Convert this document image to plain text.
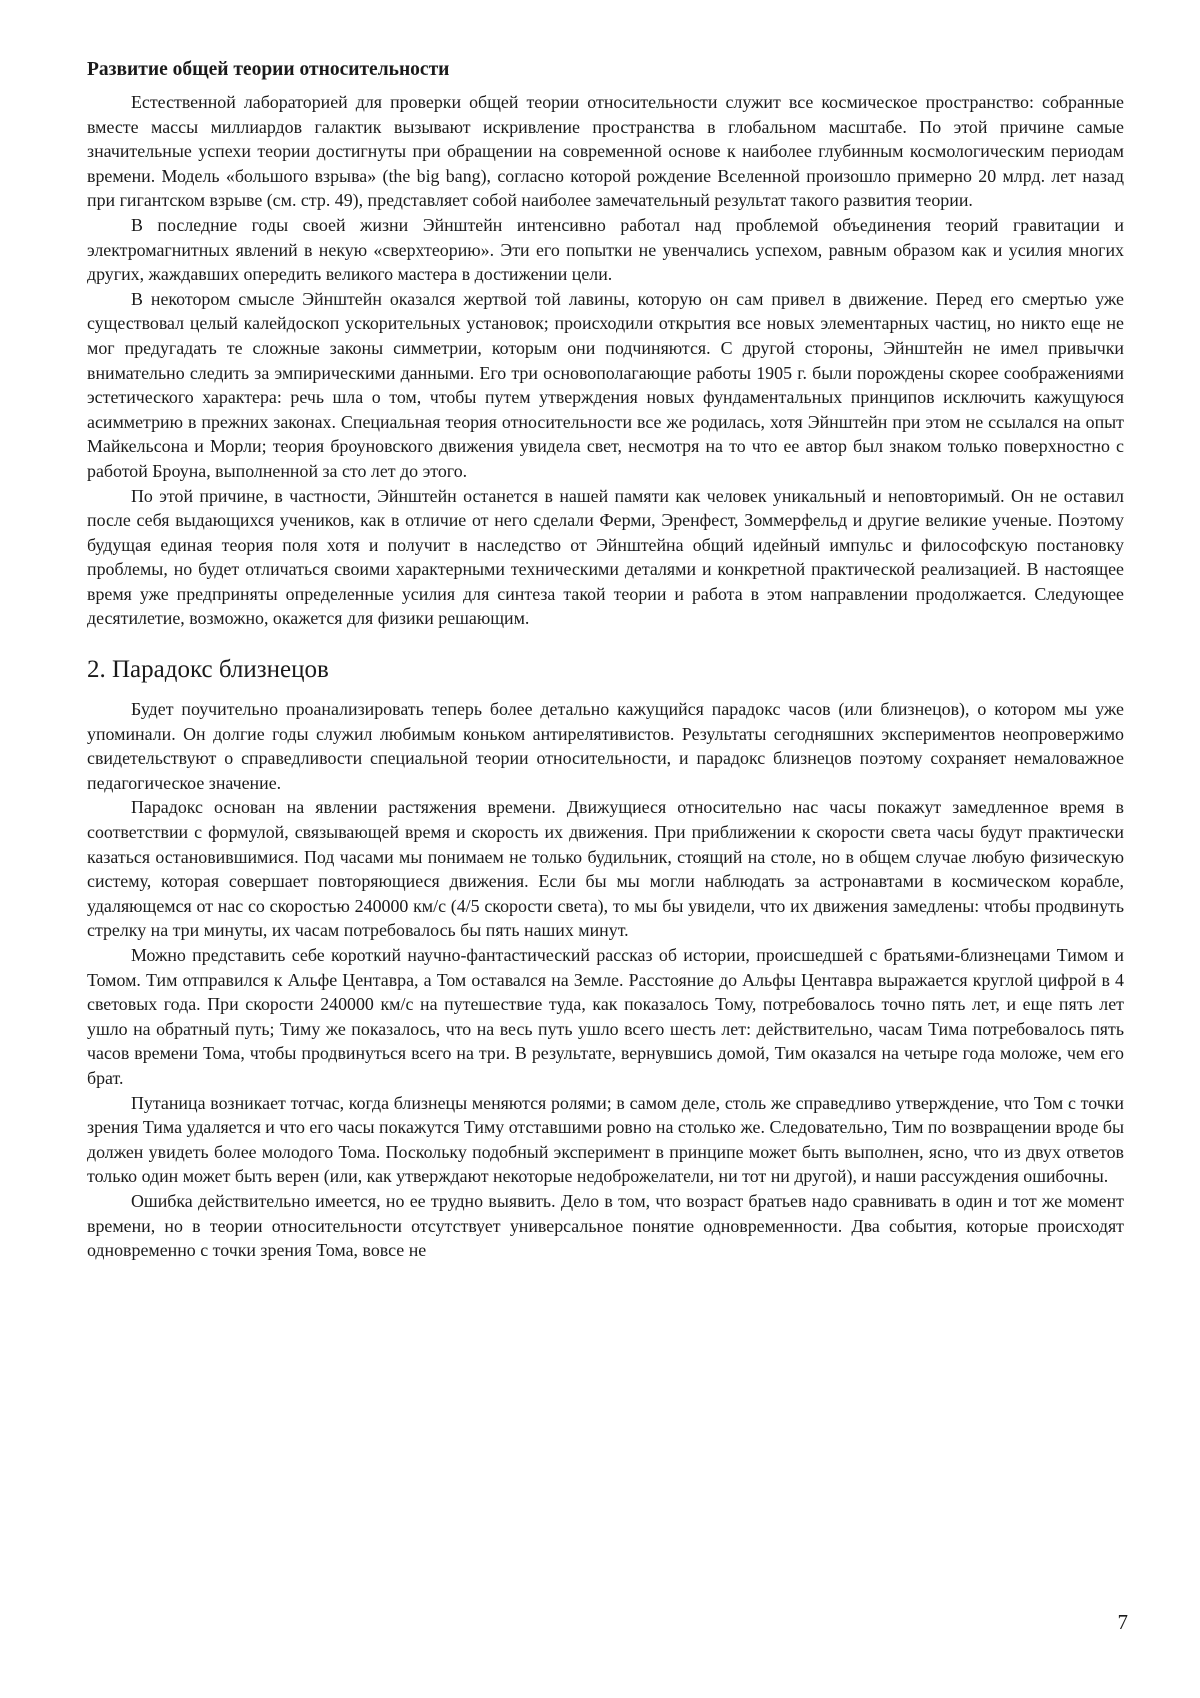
Развитие общей теории относительности

Естественной лабораторией для проверки общей теории относительности служит все космическое пространство: собранные вместе массы миллиардов галактик вызывают искривление пространства в глобальном масштабе. По этой причине самые значительные успехи теории достигнуты при обращении на современной основе к наиболее глубинным космологическим периодам времени. Модель «большого взрыва» (the big bang), согласно которой рождение Вселенной произошло примерно 20 млрд. лет назад при гигантском взрыве (см. стр. 49), представляет собой наиболее замечательный результат такого развития теории.

В последние годы своей жизни Эйнштейн интенсивно работал над проблемой объединения теорий гравитации и электромагнитных явлений в некую «сверхтеорию». Эти его попытки не увенчались успехом, равным образом как и усилия многих других, жаждавших опередить великого мастера в достижении цели.

В некотором смысле Эйнштейн оказался жертвой той лавины, которую он сам привел в движение. Перед его смертью уже существовал целый калейдоскоп ускорительных установок; происходили открытия все новых элементарных частиц, но никто еще не мог предугадать те сложные законы симметрии, которым они подчиняются. С другой стороны, Эйнштейн не имел привычки внимательно следить за эмпирическими данными. Его три основополагающие работы 1905 г. были порождены скорее соображениями эстетического характера: речь шла о том, чтобы путем утверждения новых фундаментальных принципов исключить кажущуюся асимметрию в прежних законах. Специальная теория относительности все же родилась, хотя Эйнштейн при этом не ссылался на опыт Майкельсона и Морли; теория броуновского движения увидела свет, несмотря на то что ее автор был знаком только поверхностно с работой Броуна, выполненной за сто лет до этого.

По этой причине, в частности, Эйнштейн останется в нашей памяти как человек уникальный и неповторимый. Он не оставил после себя выдающихся учеников, как в отличие от него сделали Ферми, Эренфест, Зоммерфельд и другие великие ученые. Поэтому будущая единая теория поля хотя и получит в наследство от Эйнштейна общий идейный импульс и философскую постановку проблемы, но будет отличаться своими характерными техническими деталями и конкретной практической реализацией. В настоящее время уже предприняты определенные усилия для синтеза такой теории и работа в этом направлении продолжается. Следующее десятилетие, возможно, окажется для физики решающим.

2. Парадокс близнецов

Будет поучительно проанализировать теперь более детально кажущийся парадокс часов (или близнецов), о котором мы уже упоминали. Он долгие годы служил любимым коньком антирелятивистов. Результаты сегодняшних экспериментов неопровержимо свидетельствуют о справедливости специальной теории относительности, и парадокс близнецов поэтому сохраняет немаловажное педагогическое значение.

Парадокс основан на явлении растяжения времени. Движущиеся относительно нас часы покажут замедленное время в соответствии с формулой, связывающей время и скорость их движения. При приближении к скорости света часы будут практически казаться остановившимися. Под часами мы понимаем не только будильник, стоящий на столе, но в общем случае любую физическую систему, которая совершает повторяющиеся движения. Если бы мы могли наблюдать за астронавтами в космическом корабле, удаляющемся от нас со скоростью 240000 км/с (4/5 скорости света), то мы бы увидели, что их движения замедлены: чтобы продвинуть стрелку на три минуты, их часам потребовалось бы пять наших минут.

Можно представить себе короткий научно-фантастический рассказ об истории, происшедшей с братьями-близнецами Тимом и Томом. Тим отправился к Альфе Центавра, а Том оставался на Земле. Расстояние до Альфы Центавра выражается круглой цифрой в 4 световых года. При скорости 240000 км/с на путешествие туда, как показалось Тому, потребовалось точно пять лет, и еще пять лет ушло на обратный путь; Тиму же показалось, что на весь путь ушло всего шесть лет: действительно, часам Тима потребовалось пять часов времени Тома, чтобы продвинуться всего на три. В результате, вернувшись домой, Тим оказался на четыре года моложе, чем его брат.

Путаница возникает тотчас, когда близнецы меняются ролями; в самом деле, столь же справедливо утверждение, что Том с точки зрения Тима удаляется и что его часы покажутся Тиму отставшими ровно на столько же. Следовательно, Тим по возвращении вроде бы должен увидеть более молодого Тома. Поскольку подобный эксперимент в принципе может быть выполнен, ясно, что из двух ответов только один может быть верен (или, как утверждают некоторые недоброжелатели, ни тот ни другой), и наши рассуждения ошибочны.

Ошибка действительно имеется, но ее трудно выявить. Дело в том, что возраст братьев надо сравнивать в один и тот же момент времени, но в теории относительности отсутствует универсальное понятие одновременности. Два события, которые происходят одновременно с точки зрения Тома, вовсе не

7
